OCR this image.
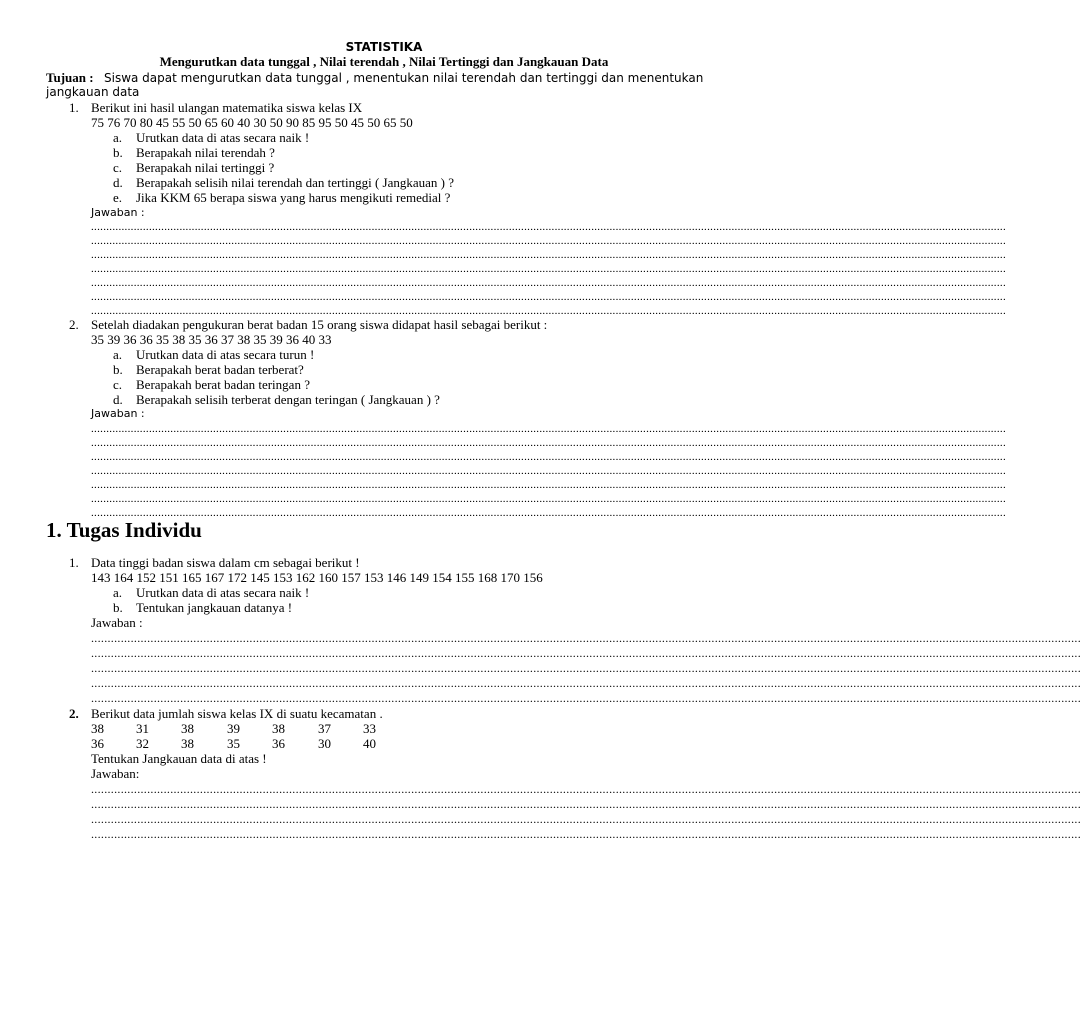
STATISTIKA
Mengurutkan data tunggal , Nilai terendah , Nilai Tertinggi dan Jangkauan Data
Tujuan : Siswa dapat mengurutkan data tunggal , menentukan nilai terendah dan tertinggi dan menentukan
jangkauan data
1. Berikut ini hasil ulangan matematika siswa kelas IX
75 76 70 80 45 55 50 65 60 40 30 50 90 85 95 50 45 50 65 50
a. Urutkan data di atas secara naik !
b. Berapakah nilai terendah ?
c. Berapakah nilai tertinggi ?
d. Berapakah selisih nilai terendah dan tertinggi ( Jangkauan ) ?
e. Jika KKM 65 berapa siswa yang harus mengikuti remedial ?
Jawaban :
............................................................................................................................................................................................................................................................................................................
............................................................................................................................................................................................................................................................................................................
............................................................................................................................................................................................................................................................................................................
............................................................................................................................................................................................................................................................................................................
............................................................................................................................................................................................................................................................................................................
............................................................................................................................................................................................................................................................................................................
............................................................................................................................................................................................................................................................................................................
2. Setelah diadakan pengukuran berat badan 15 orang siswa didapat hasil sebagai berikut :
35 39 36 36 35 38 35 36 37 38 35 39 36 40 33
a. Urutkan data di atas secara turun !
b. Berapakah berat badan terberat?
c. Berapakah berat badan teringan ?
d. Berapakah selisih terberat dengan teringan ( Jangkauan ) ?
Jawaban :
............................................................................................................................................................................................................................................................................................................
............................................................................................................................................................................................................................................................................................................
............................................................................................................................................................................................................................................................................................................
............................................................................................................................................................................................................................................................................................................
............................................................................................................................................................................................................................................................................................................
............................................................................................................................................................................................................................................................................................................
............................................................................................................................................................................................................................................................................................................
1. Tugas Individu
1. Data tinggi badan siswa dalam cm sebagai berikut !
143 164 152 151 165 167 172 145 153 162 160 157 153 146 149 154 155 168 170 156
a. Urutkan data di atas secara naik !
b. Tentukan jangkauan datanya !
Jawaban :
............................................................................................................................................................................................................................................................................................................
............................................................................................................................................................................................................................................................................................................
............................................................................................................................................................................................................................................................................................................
............................................................................................................................................................................................................................................................................................................
............................................................................................................................................................................................................................................................................................................
2. Berikut data jumlah siswa kelas IX di suatu kecamatan .
38 31 38	39 38	37 33
36 32 38	35 36	30 40
Tentukan Jangkauan data di atas !
Jawaban:
............................................................................................................................................................................................................................................................................................................
............................................................................................................................................................................................................................................................................................................
............................................................................................................................................................................................................................................................................................................
............................................................................................................................................................................................................................................................................................................
